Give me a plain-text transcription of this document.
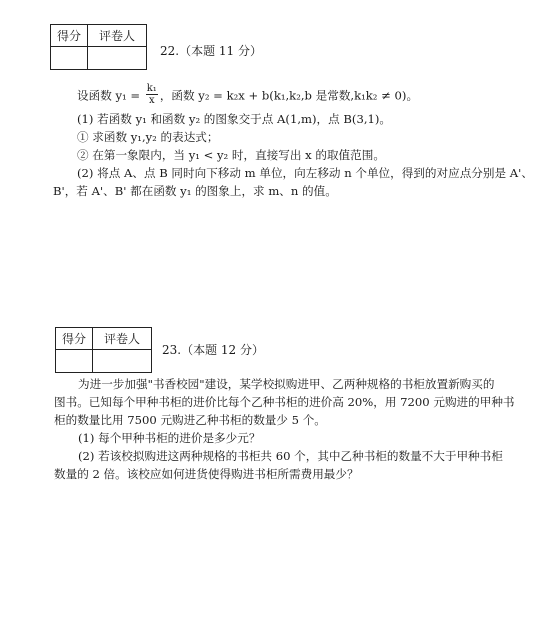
得分	评卷人

22.（本题 11 分）
设函数 $y_1 = \frac{\text{k₁}}{x}$ ，函数 y₂ = k₂x + b(k₁,k₂,b 是常数,k₁k₂ ≠ 0)。
(1) 若函数 y₁ 和函数 y₂ 的图象交于点 A(1,m)，点 B(3,1)。
① 求函数 y₁,y₂ 的表达式；
② 在第一象限内，当 y₁ < y₂ 时，直接写出 x 的取值范围。
(2) 将点 A、点 B 同时向下移动 m 单位，向左移动 n 个单位，得到的对应点分别是 A'、
B'，若 A'、B' 都在函数 y₁ 的图象上，求 m、n 的值。
得分	评卷人

23.（本题 12 分）
为进一步加强"书香校园"建设，某学校拟购进甲、乙两种规格的书柜放置新购买的
图书。已知每个甲种书柜的进价比每个乙种书柜的进价高 20%，用 7200 元购进的甲种书
柜的数量比用 7500 元购进乙种书柜的数量少 5 个。
(1) 每个甲种书柜的进价是多少元？
(2) 若该校拟购进这两种规格的书柜共 60 个，其中乙种书柜的数量不大于甲种书柜
数量的 2 倍。该校应如何进货使得购进书柜所需费用最少？
